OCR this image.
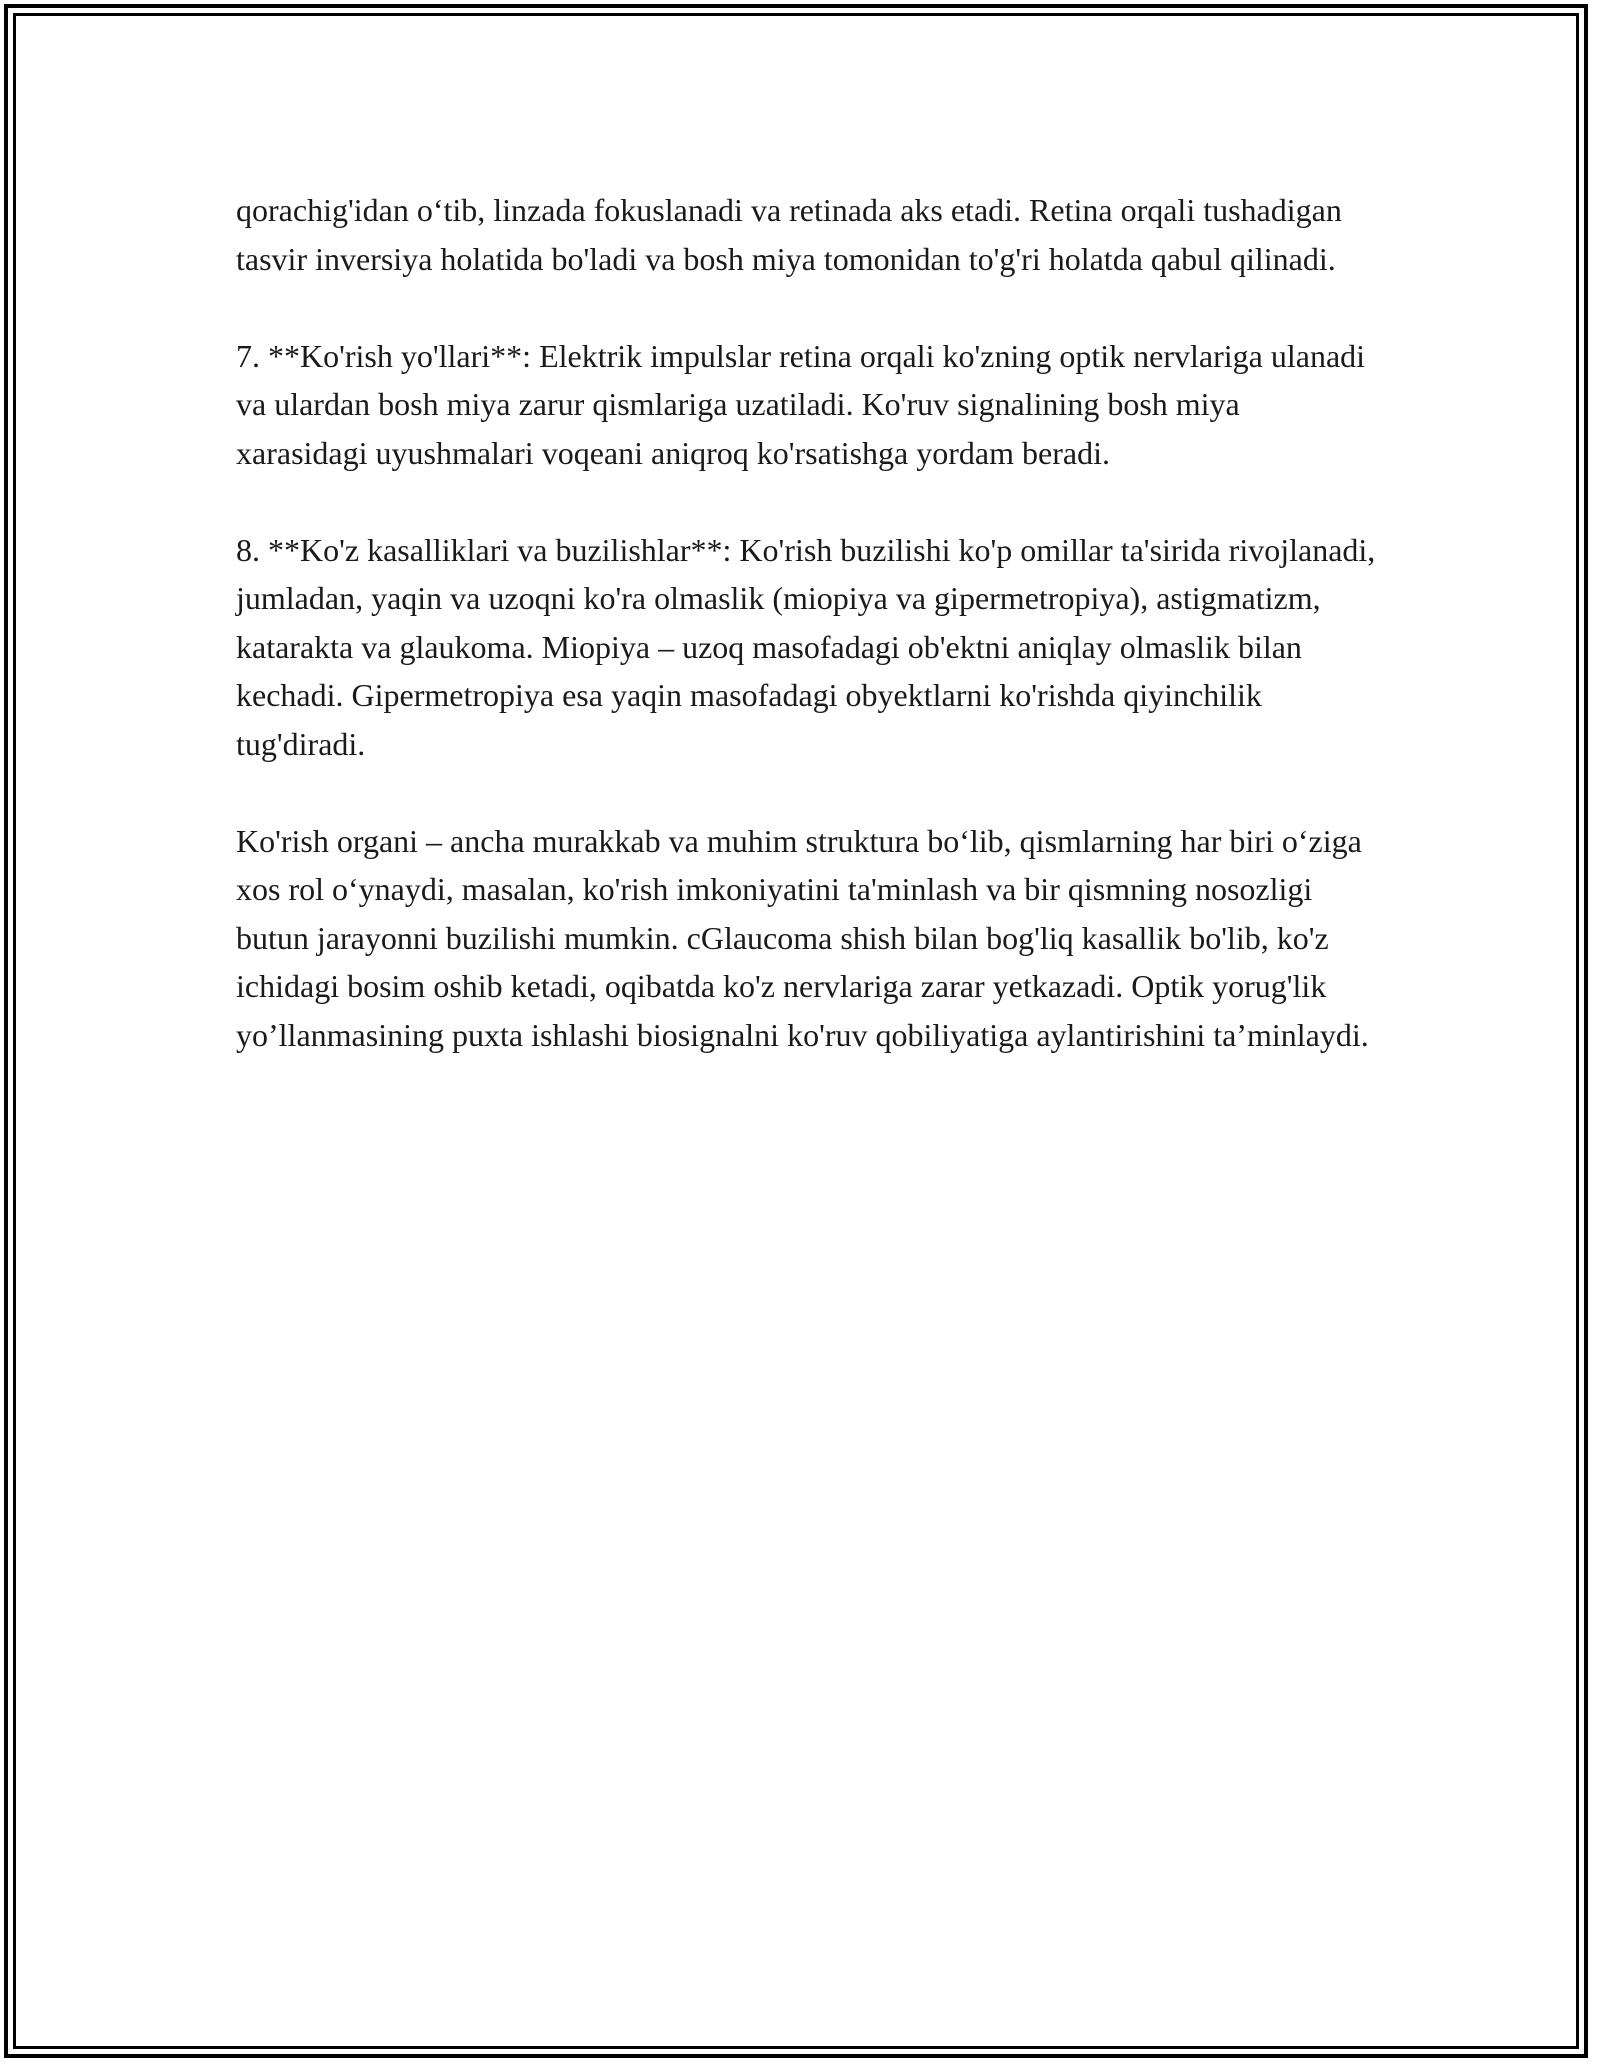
qorachig'idan o‘tib, linzada fokuslanadi va retinada aks etadi. Retina orqali tushadigan tasvir inversiya holatida bo'ladi va bosh miya tomonidan to'g'ri holatda qabul qilinadi.

7. **Ko'rish yo'llari**: Elektrik impulslar retina orqali ko'zning optik nervlariga ulanadi va ulardan bosh miya zarur qismlariga uzatiladi. Ko'ruv signalining bosh miya xarasidagi uyushmalari voqeani aniqroq ko'rsatishga yordam beradi.

8. **Ko'z kasalliklari va buzilishlar**: Ko'rish buzilishi ko'p omillar ta'sirida rivojlanadi, jumladan, yaqin va uzoqni ko'ra olmaslik (miopiya va gipermetropiya), astigmatizm, katarakta va glaukoma. Miopiya – uzoq masofadagi ob'ektni aniqlay olmaslik bilan kechadi. Gipermetropiya esa yaqin masofadagi obyektlarni ko'rishda qiyinchilik tug'diradi.

Ko'rish organi – ancha murakkab va muhim struktura bo‘lib, qismlarning har biri o‘ziga xos rol o‘ynaydi, masalan, ko'rish imkoniyatini ta'minlash va bir qismning nosozligi butun jarayonni buzilishi mumkin. cGlaucoma shish bilan bog'liq kasallik bo'lib, ko'z ichidagi bosim oshib ketadi, oqibatda ko'z nervlariga zarar yetkazadi. Optik yorug'lik yo’llanmasining puxta ishlashi biosignalni ko'ruv qobiliyatiga aylantirishini ta’minlaydi.
